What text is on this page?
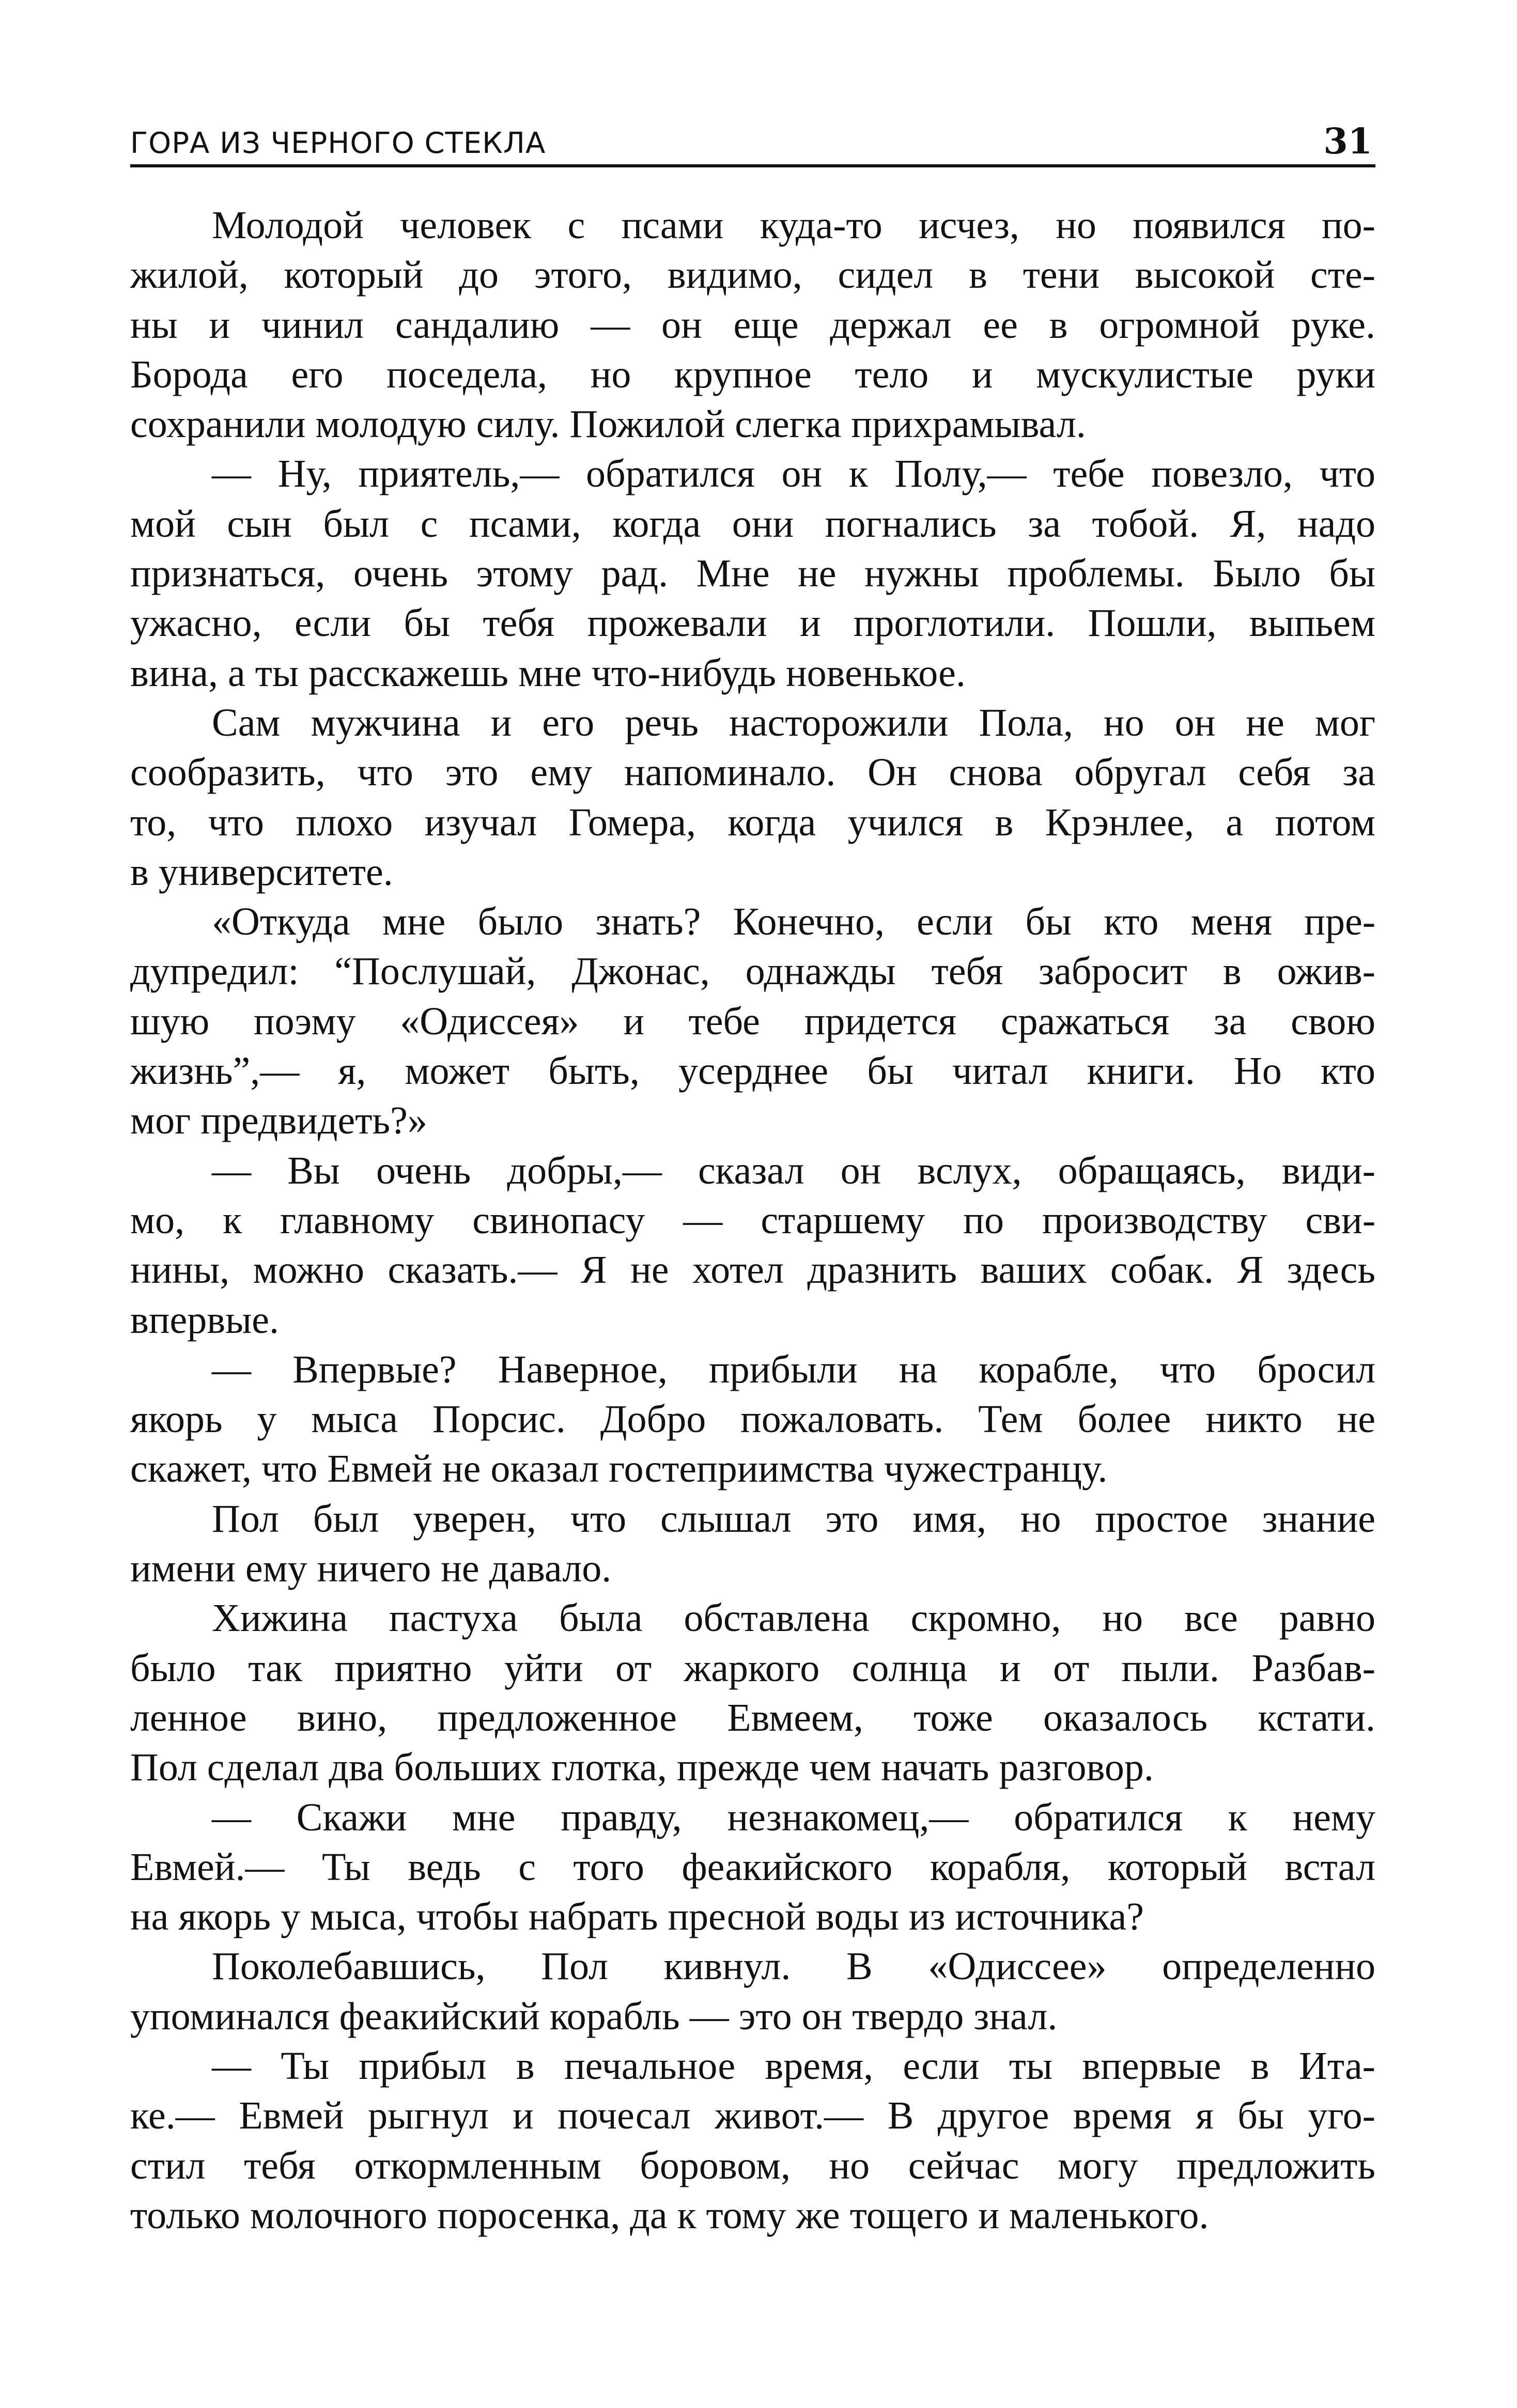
ГОРА ИЗ ЧЕРНОГО СТЕКЛА	31
Молодой человек с псами куда-то исчез, но появился по-
жилой, который до этого, видимо, сидел в тени высокой сте-
ны и чинил сандалию — он еще держал ее в огромной руке.
Борода его поседела, но крупное тело и мускулистые руки
сохранили молодую силу. Пожилой слегка прихрамывал.
— Ну, приятель,— обратился он к Полу,— тебе повезло, что
мой сын был с псами, когда они погнались за тобой. Я, надо
признаться, очень этому рад. Мне не нужны проблемы. Было бы
ужасно, если бы тебя прожевали и проглотили. Пошли, выпьем
вина, а ты расскажешь мне что-нибудь новенькое.
Сам мужчина и его речь насторожили Пола, но он не мог
сообразить, что это ему напоминало. Он снова обругал себя за
то, что плохо изучал Гомера, когда учился в Крэнлее, а потом
в университете.
«Откуда мне было знать? Конечно, если бы кто меня пре-
дупредил: “Послушай, Джонас, однажды тебя забросит в ожив-
шую поэму «Одиссея» и тебе придется сражаться за свою
жизнь”,— я, может быть, усерднее бы читал книги. Но кто
мог предвидеть?»
— Вы очень добры,— сказал он вслух, обращаясь, види-
мо, к главному свинопасу — старшему по производству сви-
нины, можно сказать.— Я не хотел дразнить ваших собак. Я здесь
впервые.
— Впервые? Наверное, прибыли на корабле, что бросил
якорь у мыса Порсис. Добро пожаловать. Тем более никто не
скажет, что Евмей не оказал гостеприимства чужестранцу.
Пол был уверен, что слышал это имя, но простое знание
имени ему ничего не давало.
Хижина пастуха была обставлена скромно, но все равно
было так приятно уйти от жаркого солнца и от пыли. Разбав-
ленное вино, предложенное Евмеем, тоже оказалось кстати.
Пол сделал два больших глотка, прежде чем начать разговор.
— Скажи мне правду, незнакомец,— обратился к нему
Евмей.— Ты ведь с того феакийского корабля, который встал
на якорь у мыса, чтобы набрать пресной воды из источника?
Поколебавшись, Пол кивнул. В «Одиссее» определенно
упоминался феакийский корабль — это он твердо знал.
— Ты прибыл в печальное время, если ты впервые в Ита-
ке.— Евмей рыгнул и почесал живот.— В другое время я бы уго-
стил тебя откормленным боровом, но сейчас могу предложить
только молочного поросенка, да к тому же тощего и маленького.
